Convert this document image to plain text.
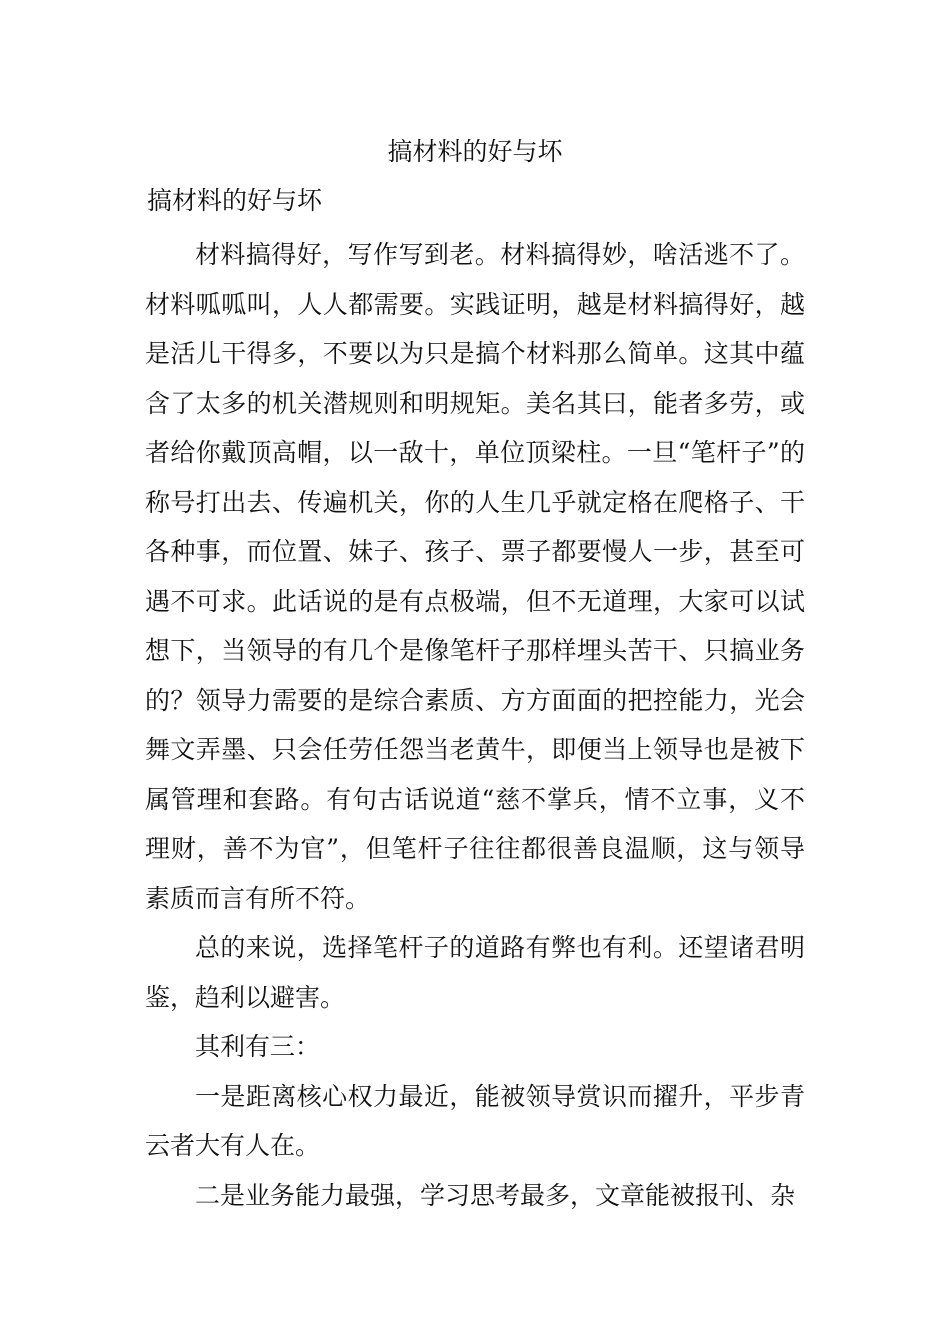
搞材料的好与坏
搞材料的好与坏

材料搞得好，写作写到老。材料搞得妙，啥活逃不了。材料呱呱叫，人人都需要。实践证明，越是材料搞得好，越是活儿干得多，不要以为只是搞个材料那么简单。这其中蕴含了太多的机关潜规则和明规矩。美名其曰，能者多劳，或者给你戴顶高帽，以一敌十，单位顶梁柱。一旦“笔杆子”的称号打出去、传遍机关，你的人生几乎就定格在爬格子、干各种事，而位置、妹子、孩子、票子都要慢人一步，甚至可遇不可求。此话说的是有点极端，但不无道理，大家可以试想下，当领导的有几个是像笔杆子那样埋头苦干、只搞业务的？领导力需要的是综合素质、方方面面的把控能力，光会舞文弄墨、只会任劳任怨当老黄牛，即便当上领导也是被下属管理和套路。有句古话说道“慈不掌兵，情不立事，义不理财，善不为官”，但笔杆子往往都很善良温顺，这与领导素质而言有所不符。

总的来说，选择笔杆子的道路有弊也有利。还望诸君明鉴，趋利以避害。

其利有三：

一是距离核心权力最近，能被领导赏识而擢升，平步青云者大有人在。

二是业务能力最强，学习思考最多，文章能被报刊、杂
